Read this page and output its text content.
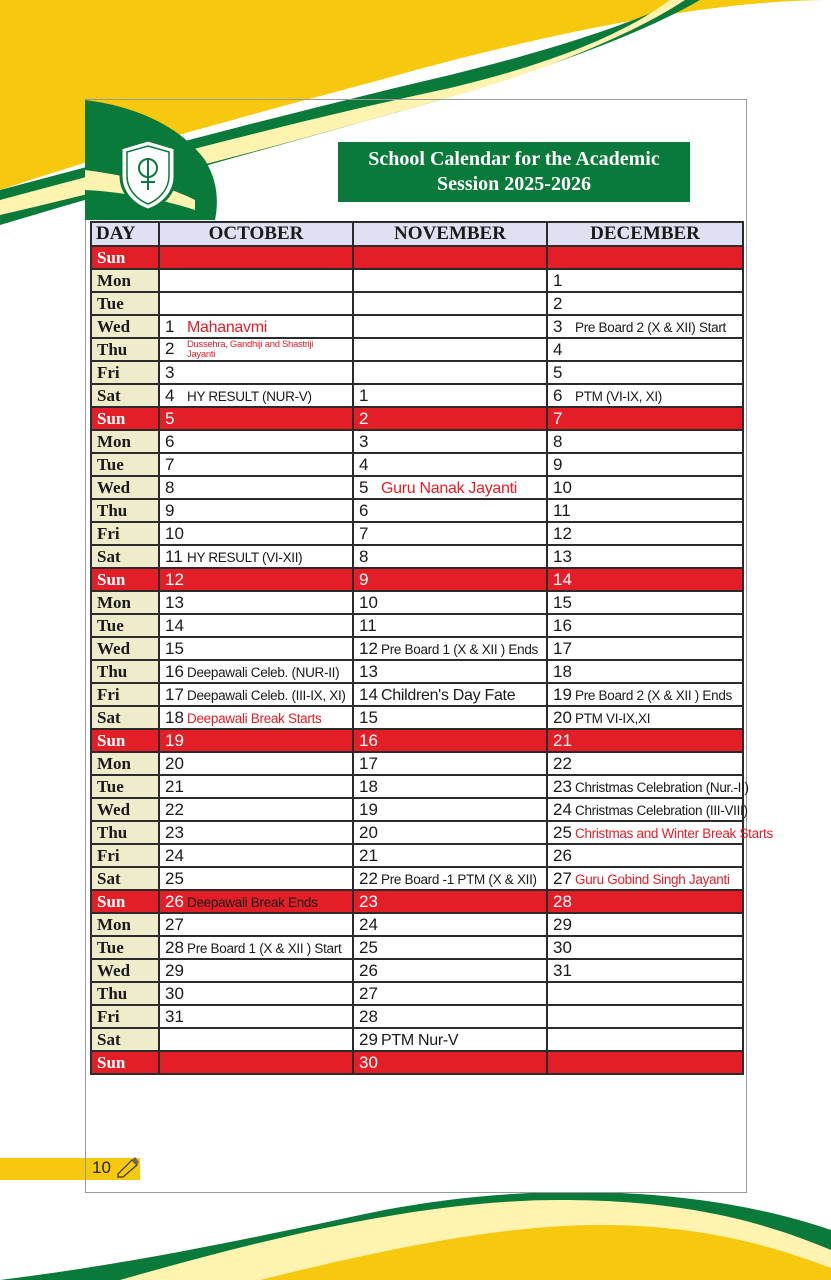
School Calendar for the Academic
Session 2025-2026
DAY	OCTOBER	NOVEMBER	DECEMBER
Sun			
Mon			1
Tue			2
Wed	1 Mahanavmi		3 Pre Board 2 (X & XII) Start
Thu	2 Dussehra, Gandhiji and Shastriji Jayanti		4
Fri	3		5
Sat	4 HY RESULT (NUR-V)	1	6 PTM (VI-IX, XI)
Sun	5	2	7
Mon	6	3	8
Tue	7	4	9
Wed	8	5 Guru Nanak Jayanti	10
Thu	9	6	11
Fri	10	7	12
Sat	11 HY RESULT (VI-XII)	8	13
Sun	12	9	14
Mon	13	10	15
Tue	14	11	16
Wed	15	12 Pre Board 1 (X & XII ) Ends	17
Thu	16 Deepawali Celeb. (NUR-II)	13	18
Fri	17 Deepawali Celeb. (III-IX, XI)	14 Children's Day Fate	19 Pre Board 2 (X & XII ) Ends
Sat	18 Deepawali Break Starts	15	20 PTM VI-IX,XI
Sun	19	16	21
Mon	20	17	22
Tue	21	18	23 Christmas Celebration (Nur.-II)
Wed	22	19	24 Christmas Celebration (III-VIII)
Thu	23	20	25 Christmas and Winter Break Starts
Fri	24	21	26
Sat	25	22 Pre Board -1 PTM (X & XII)	27 Guru Gobind Singh Jayanti
Sun	26 Deepawali Break Ends	23	28
Mon	27	24	29
Tue	28 Pre Board 1 (X & XII ) Start	25	30
Wed	29	26	31
Thu	30	27	
Fri	31	28	
Sat		29 PTM Nur-V	
Sun		30	
10
